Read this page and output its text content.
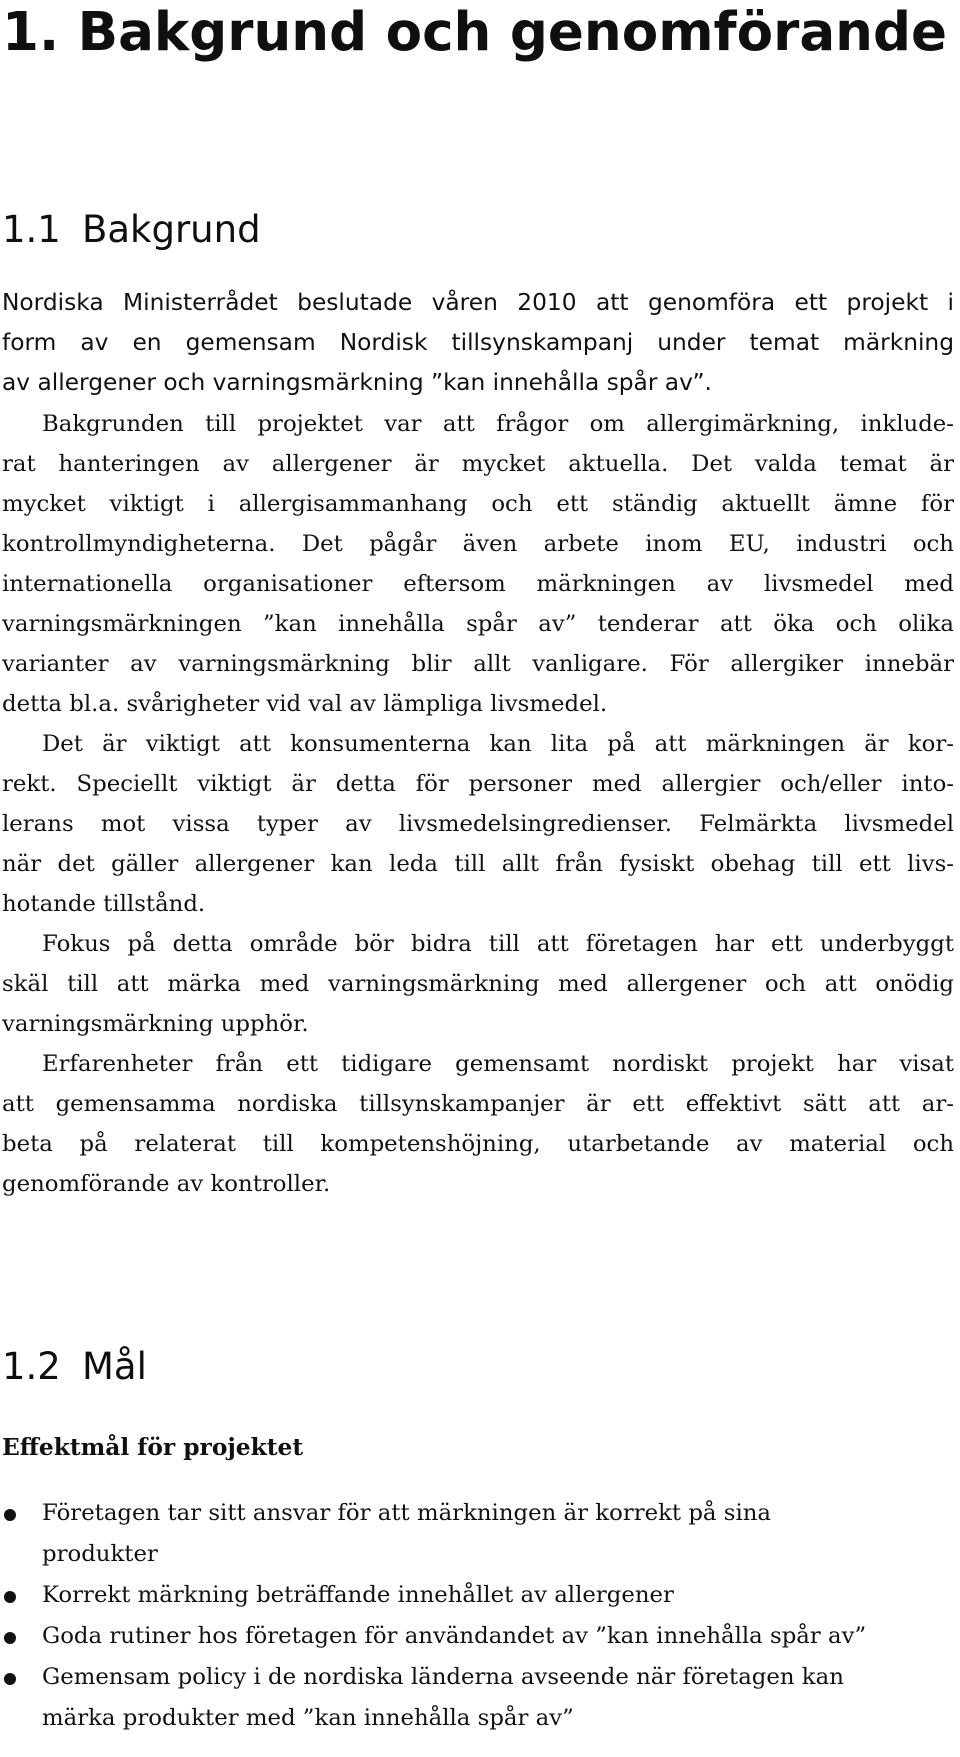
1. Bakgrund och genomförande
1.1 Bakgrund
Nordiska Ministerrådet beslutade våren 2010 att genomföra ett projekt i
form av en gemensam Nordisk tillsynskampanj under temat märkning
av allergener och varningsmärkning ”kan innehålla spår av”.
Bakgrunden till projektet var att frågor om allergimärkning, inklude-
rat hanteringen av allergener är mycket aktuella. Det valda temat är
mycket viktigt i allergisammanhang och ett ständig aktuellt ämne för
kontrollmyndigheterna. Det pågår även arbete inom EU, industri och
internationella organisationer eftersom märkningen av livsmedel med
varningsmärkningen ”kan innehålla spår av” tenderar att öka och olika
varianter av varningsmärkning blir allt vanligare. För allergiker innebär
detta bl.a. svårigheter vid val av lämpliga livsmedel.
Det är viktigt att konsumenterna kan lita på att märkningen är kor-
rekt. Speciellt viktigt är detta för personer med allergier och/eller into-
lerans mot vissa typer av livsmedelsingredienser. Felmärkta livsmedel
när det gäller allergener kan leda till allt från fysiskt obehag till ett livs-
hotande tillstånd.
Fokus på detta område bör bidra till att företagen har ett underbyggt
skäl till att märka med varningsmärkning med allergener och att onödig
varningsmärkning upphör.
Erfarenheter från ett tidigare gemensamt nordiskt projekt har visat
att gemensamma nordiska tillsynskampanjer är ett effektivt sätt att ar-
beta på relaterat till kompetenshöjning, utarbetande av material och
genomförande av kontroller.
1.2 Mål
Effektmål för projektet
Företagen tar sitt ansvar för att märkningen är korrekt på sina
produkter
Korrekt märkning beträffande innehållet av allergener
Goda rutiner hos företagen för användandet av ”kan innehålla spår av”
Gemensam policy i de nordiska länderna avseende när företagen kan
märka produkter med ”kan innehålla spår av”
